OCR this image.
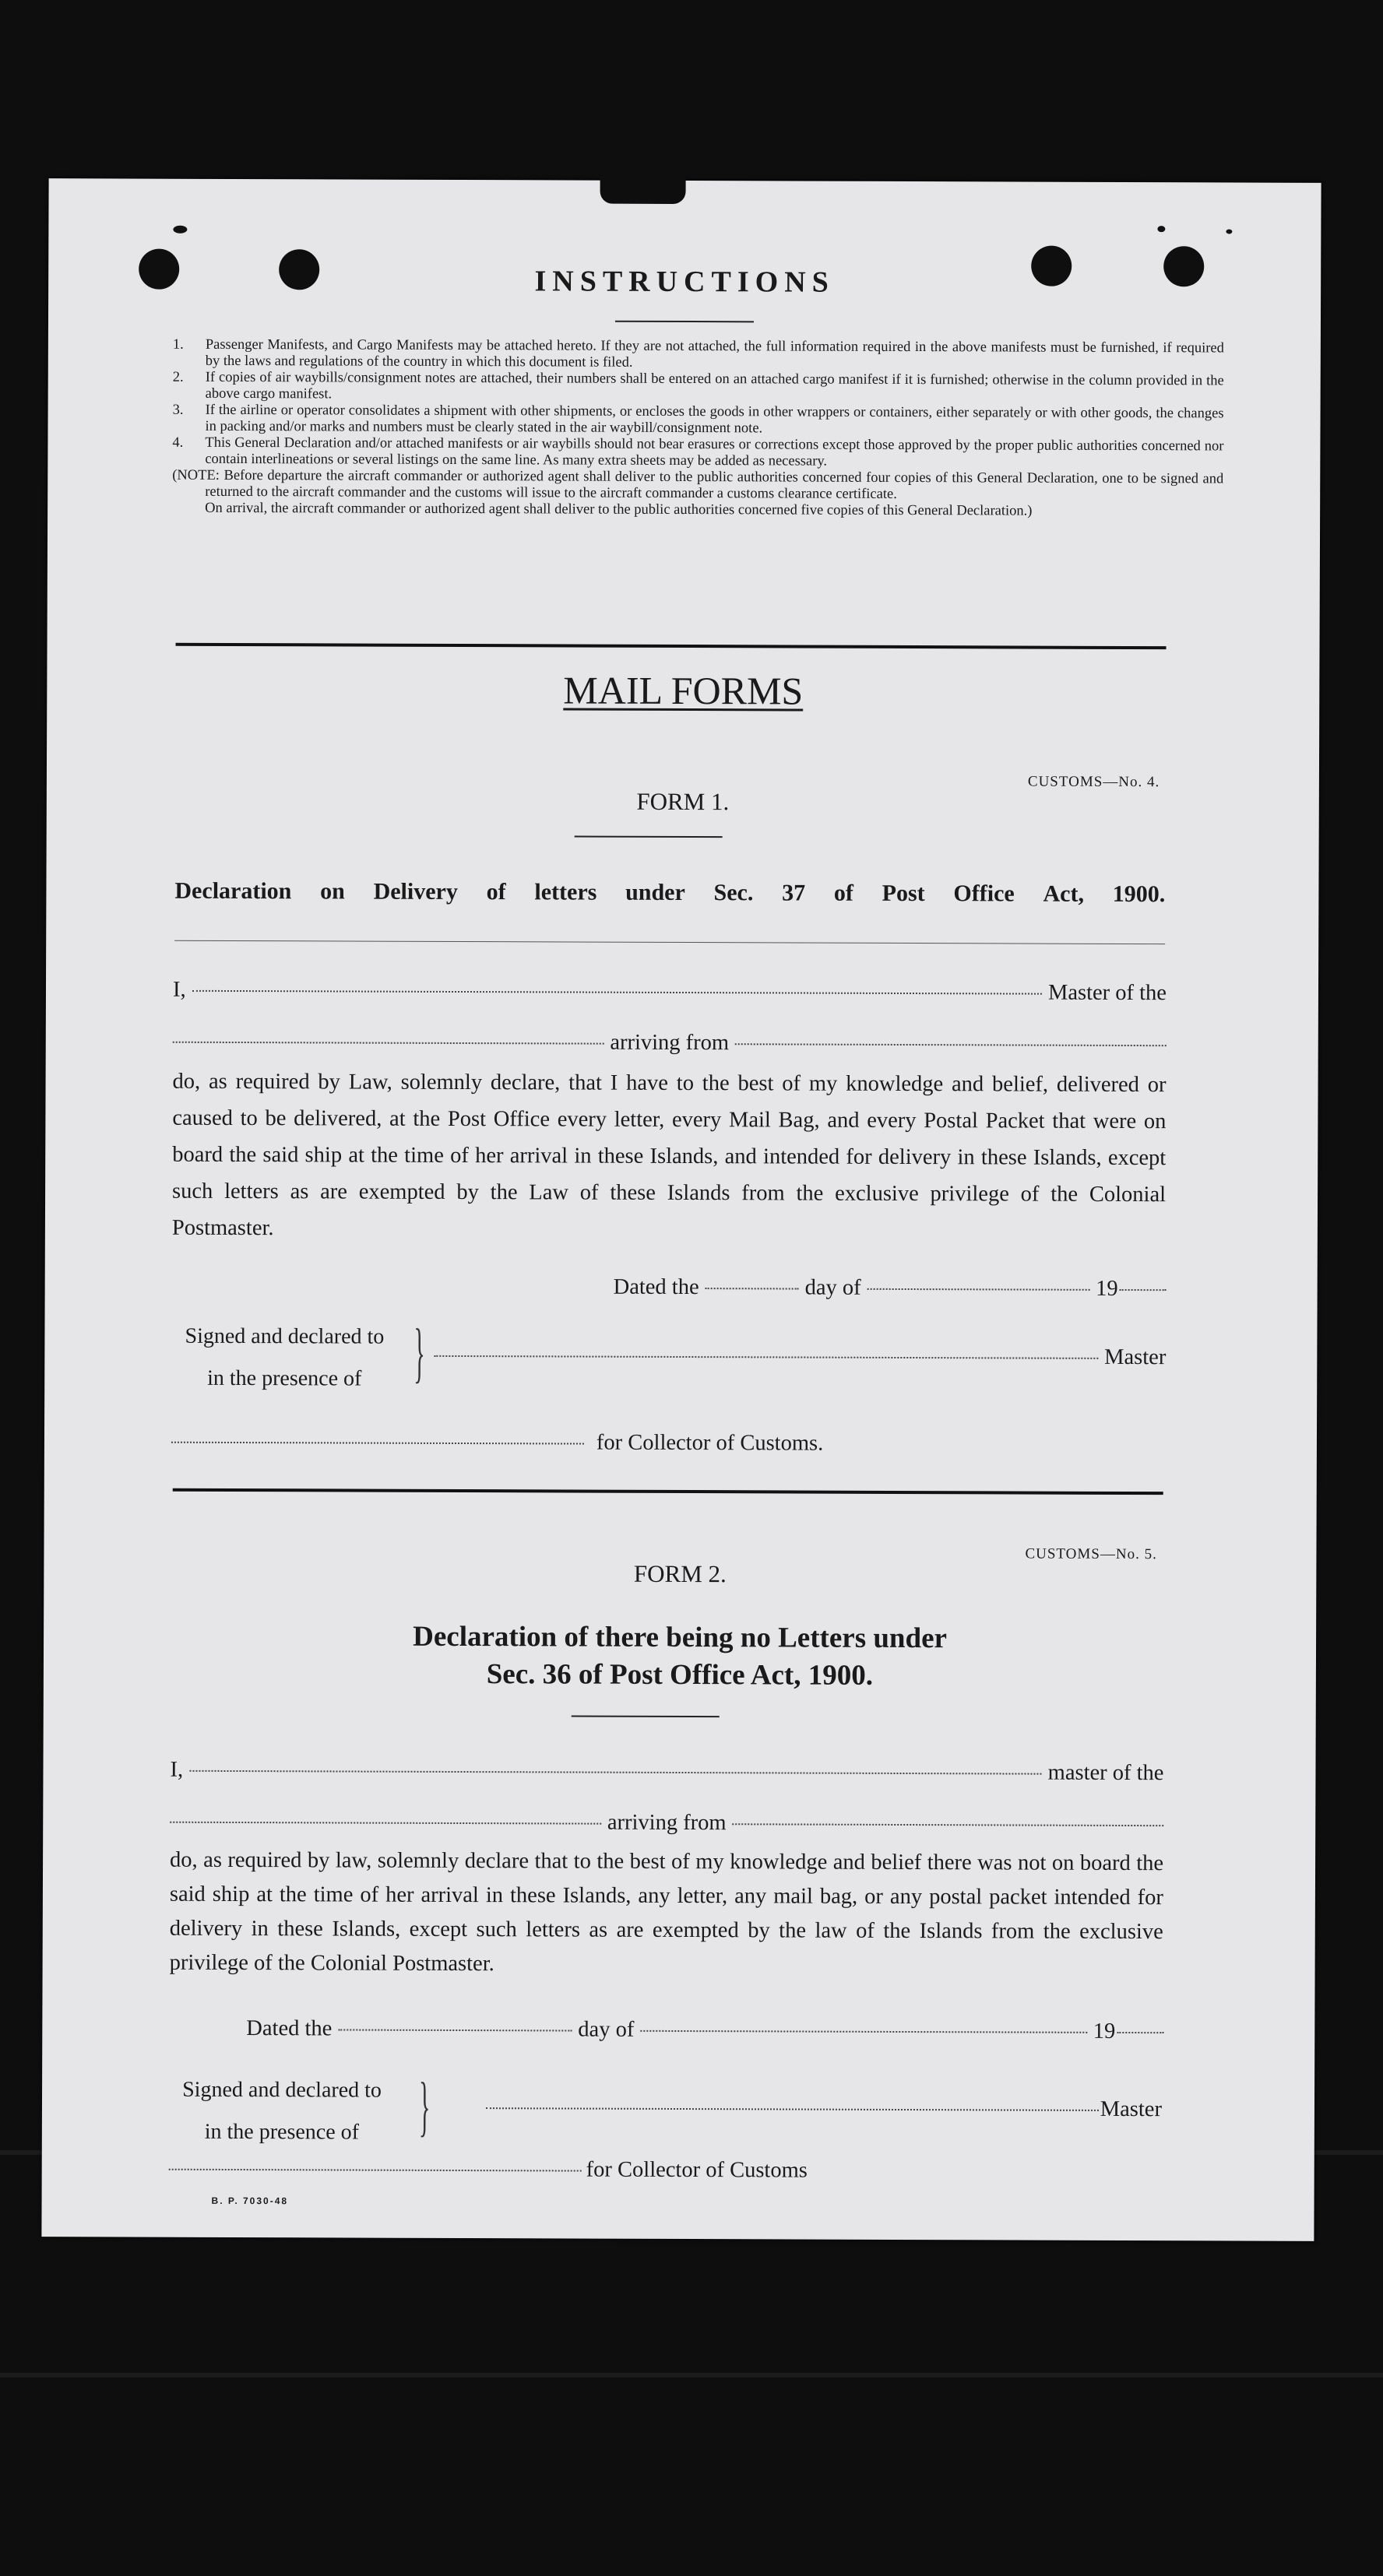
INSTRUCTIONS
1.	Passenger Manifests, and Cargo Manifests may be attached hereto. If they are not attached, the full information required in the above manifests must be furnished, if required by the laws and regulations of the country in which this document is filed.
2.	If copies of air waybills/consignment notes are attached, their numbers shall be entered on an attached cargo manifest if it is furnished; otherwise in the column provided in the above cargo manifest.
3.	If the airline or operator consolidates a shipment with other shipments, or encloses the goods in other wrappers or containers, either separately or with other goods, the changes in packing and/or marks and numbers must be clearly stated in the air waybill/consignment note.
4.	This General Declaration and/or attached manifests or air waybills should not bear erasures or corrections except those approved by the proper public authorities concerned nor contain interlineations or several listings on the same line. As many extra sheets may be added as necessary.
(NOTE: Before departure the aircraft commander or authorized agent shall deliver to the public authorities concerned four copies of this General Declaration, one to be signed and returned to the aircraft commander and the customs will issue to the aircraft commander a customs clearance certificate.
On arrival, the aircraft commander or authorized agent shall deliver to the public authorities concerned five copies of this General Declaration.)
MAIL FORMS
CUSTOMS—No. 4.
FORM 1.
Declaration on Delivery of letters under Sec. 37 of Post Office Act, 1900.
I,	Master of the
arriving from
do, as required by Law, solemnly declare, that I have to the best of my knowledge and belief, delivered or caused to be delivered, at the Post Office every letter, every Mail Bag, and every Postal Packet that were on board the said ship at the time of her arrival in these Islands, and intended for delivery in these Islands, except such letters as are exempted by the Law of these Islands from the exclusive privilege of the Colonial Postmaster.
Dated the	day of	19
Signed and declared to
in the presence of }	Master
for Collector of Customs.
CUSTOMS—No. 5.
FORM 2.
Declaration of there being no Letters under
Sec. 36 of Post Office Act, 1900.
I,	master of the
arriving from
do, as required by law, solemnly declare that to the best of my knowledge and belief there was not on board the said ship at the time of her arrival in these Islands, any letter, any mail bag, or any postal packet intended for delivery in these Islands, except such letters as are exempted by the law of the Islands from the exclusive privilege of the Colonial Postmaster.
Dated the	day of	19
Signed and declared to
in the presence of }	Master
for Collector of Customs
B. P. 7030-48
